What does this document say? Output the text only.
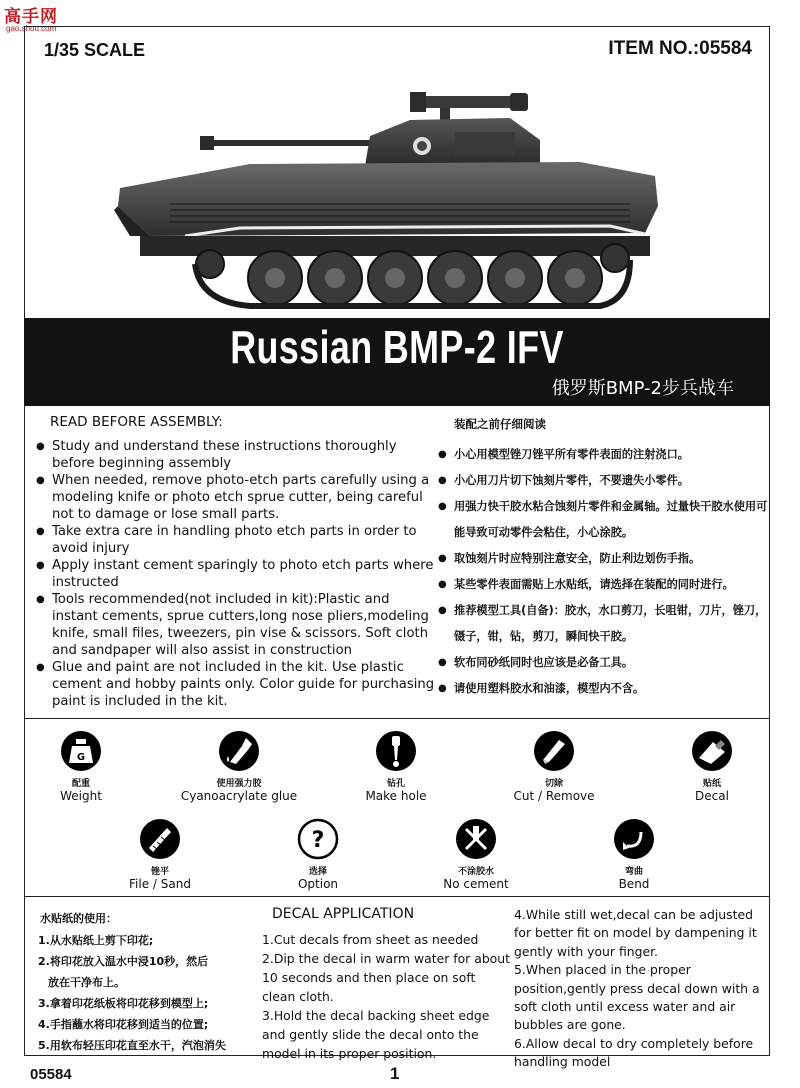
高手网
gao.shou.com
1/35 SCALE	ITEM NO.:05584
Russian BMP-2 IFV
俄罗斯BMP-2步兵战车
READ BEFORE ASSEMBLY:
● Study and understand these instructions thoroughly before beginning assembly
● When needed, remove photo-etch parts carefully using a modeling knife or photo etch sprue cutter, being careful not to damage or lose small parts.
● Take extra care in handling photo etch parts in order to avoid injury
● Apply instant cement sparingly to photo etch parts where instructed
● Tools recommended(not included in kit):Plastic and instant cements, sprue cutters,long nose pliers,modeling knife, small files, tweezers, pin vise & scissors. Soft cloth and sandpaper will also assist in construction
● Glue and paint are not included in the kit. Use plastic cement and hobby paints only. Color guide for purchasing paint is included in the kit.
装配之前仔细阅读
● 小心用模型锉刀锉平所有零件表面的注射浇口。
● 小心用刀片切下蚀刻片零件，不要遗失小零件。
● 用强力快干胶水粘合蚀刻片零件和金属轴。过量快干胶水使用可能导致可动零件会粘住，小心涂胶。
● 取蚀刻片时应特别注意安全，防止利边划伤手指。
● 某些零件表面需贴上水贴纸，请选择在装配的同时进行。
● 推荐模型工具(自备)：胶水，水口剪刀，长咀钳，刀片，锉刀，镊子，钳，钻，剪刀，瞬间快干胶。
● 软布同砂纸同时也应该是必备工具。
● 请使用塑料胶水和油漆，模型内不含。
G
配重
Weight
使用强力胶
Cyanoacrylate glue
钻孔
Make hole
切除
Cut / Remove
贴纸
Decal
锉平
File / Sand
?
选择
Option
不涂胶水
No cement
弯曲
Bend
水贴纸的使用：
1.从水贴纸上剪下印花;
2.将印花放入温水中浸10秒，然后
放在干净布上。
3.拿着印花纸板将印花移到模型上;
4.手指蘸水将印花移到适当的位置;
5.用软布轻压印花直至水干，汽泡消失
DECAL APPLICATION
1.Cut decals from sheet as needed
2.Dip the decal in warm water for about 10 seconds and then place on soft clean cloth.
3.Hold the decal backing sheet edge and gently slide the decal onto the model in its proper position.
4.While still wet,decal can be adjusted for better fit on model by dampening it gently with your finger.
5.When placed in the proper position,gently press decal down with a soft cloth until excess water and air bubbles are gone.
6.Allow decal to dry completely before handling model
05584	1
